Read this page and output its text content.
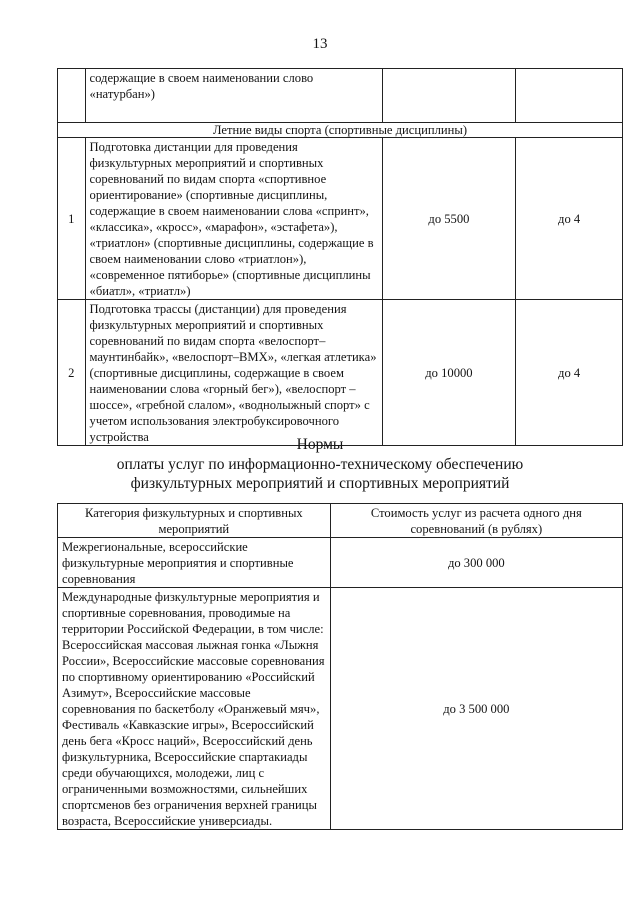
13
	содержащие в своем наименовании слово «натурбан»)		
Летние виды спорта (спортивные дисциплины)			
1	Подготовка дистанции для проведения физкультурных мероприятий и спортивных соревнований по видам спорта «спортивное ориентирование» (спортивные дисциплины, содержащие в своем наименовании слова «спринт», «классика», «кросс», «марафон», «эстафета»), «триатлон» (спортивные дисциплины, содержащие в своем наименовании слово «триатлон»), «современное пятиборье» (спортивные дисциплины «биатл», «триатл»)	до 5500	до 4
2	Подготовка трассы (дистанции) для проведения физкультурных мероприятий и спортивных соревнований по видам спорта «велоспорт–маунтинбайк», «велоспорт–BMX», «легкая атлетика» (спортивные дисциплины, содержащие в своем наименовании слова «горный бег»), «велоспорт – шоссе», «гребной слалом», «воднолыжный спорт» с учетом использования электробуксировочного устройства	до 10000	до 4
Нормы
оплаты услуг по информационно-техническому обеспечению
физкультурных мероприятий и спортивных мероприятий
Категория физкультурных и спортивных мероприятий	Стоимость услуг из расчета одного дня соревнований (в рублях)
Межрегиональные, всероссийские физкультурные мероприятия и спортивные соревнования	до 300 000
Международные физкультурные мероприятия и спортивные соревнования, проводимые на территории Российской Федерации, в том числе: Всероссийская массовая лыжная гонка «Лыжня России», Всероссийские массовые соревнования по спортивному ориентированию «Российский Азимут», Всероссийские массовые соревнования по баскетболу «Оранжевый мяч», Фестиваль «Кавказские игры», Всероссийский день бега «Кросс наций», Всероссийский день физкультурника, Всероссийские спартакиады среди обучающихся, молодежи, лиц с ограниченными возможностями, сильнейших спортсменов без ограничения верхней границы возраста, Всероссийские универсиады.	до 3 500 000
